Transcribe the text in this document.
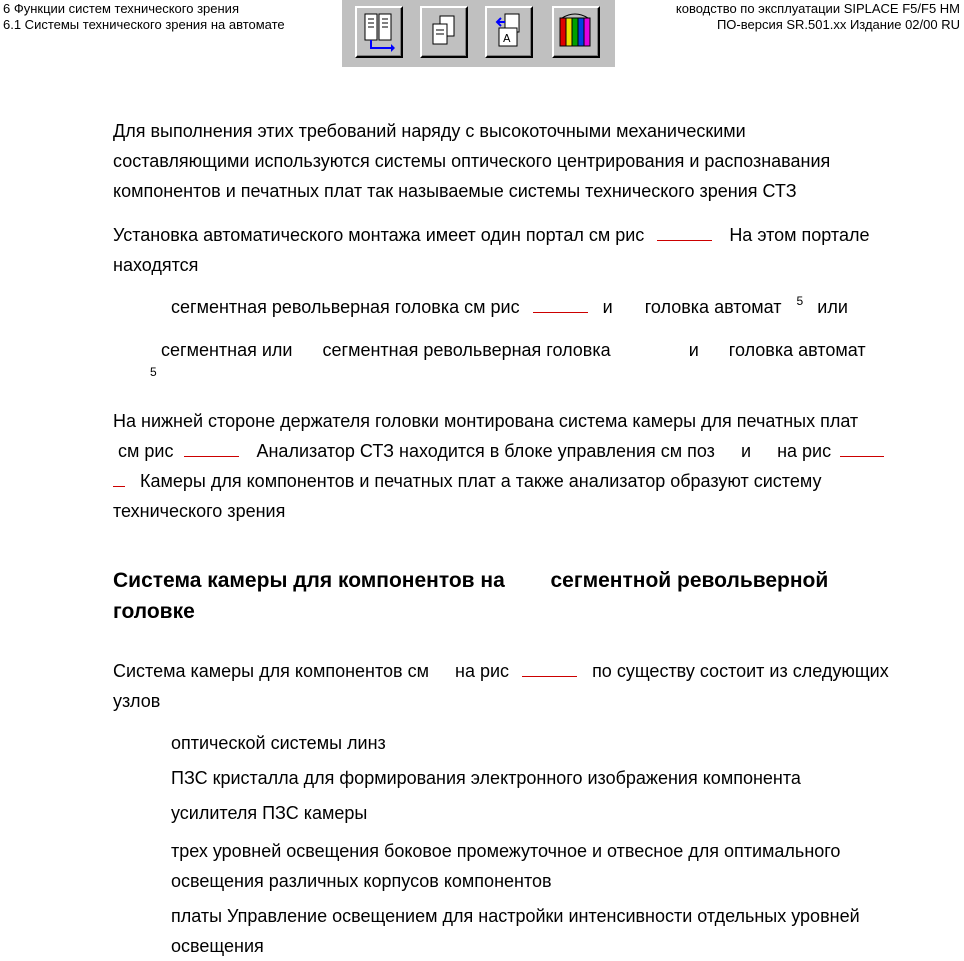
6 Функции систем технического зрения
6.1 Системы технического зрения на автомате
ководство по эксплуатации SIPLACE F5/F5 HM
ПО-версия SR.501.xx Издание 02/00 RU
A
Для выполнения этих требований наряду с высокоточными механическими
составляющими используются системы оптического центрирования и распознавания
компонентов и печатных плат так называемые системы технического зрения СТЗ
Установка автоматического монтажа имеет один портал см рис	На этом портале
находятся
сегментная револьверная головка см рис	и головка автомат $^5$ или
сегментная или сегментная револьверная головка	и головка автомат
5
На нижней стороне держателя головки монтирована система камеры для печатных плат
см рис	Анализатор СТЗ находится в блоке управления см поз и на рис
Камеры для компонентов и печатных плат а также анализатор образуют систему
технического зрения
Система камеры для компонентов на сегментной револьверной
головке
Система камеры для компонентов см на рис	по существу состоит из следующих
узлов
оптической системы линз
ПЗС кристалла для формирования электронного изображения компонента
усилителя ПЗС камеры
трех уровней освещения боковое промежуточное и отвесное для оптимального
освещения различных корпусов компонентов
платы Управление освещением для настройки интенсивности отдельных уровней
освещения
